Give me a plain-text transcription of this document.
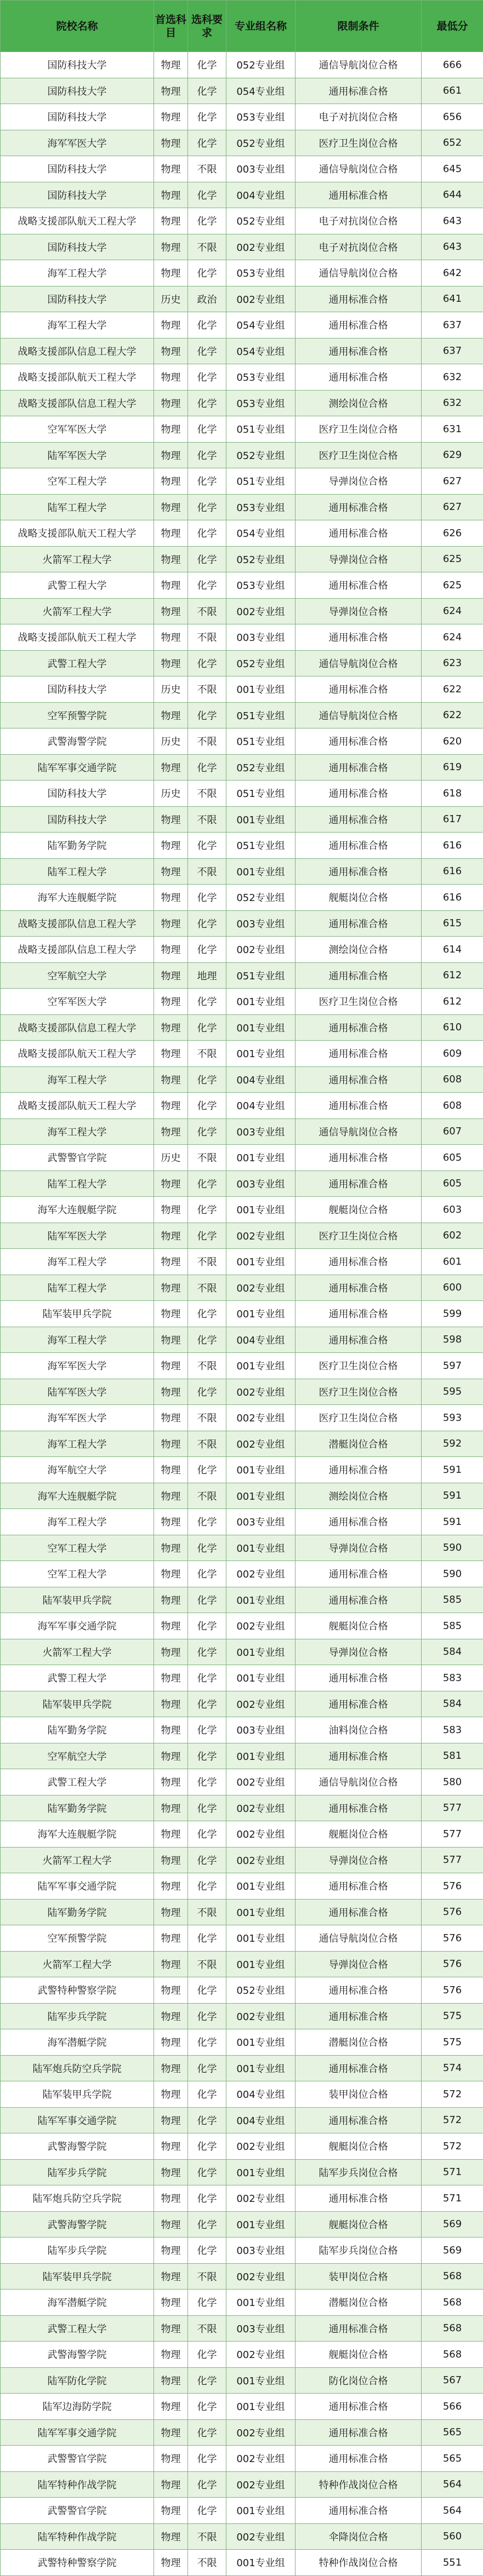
院校名称	首选科目	选科要求	专业组名称	限制条件	最低分
国防科技大学	物理	化学	052专业组	通信导航岗位合格	666
国防科技大学	物理	化学	054专业组	通用标准合格	661
国防科技大学	物理	化学	053专业组	电子对抗岗位合格	656
海军军医大学	物理	化学	052专业组	医疗卫生岗位合格	652
国防科技大学	物理	不限	003专业组	通信导航岗位合格	645
国防科技大学	物理	化学	004专业组	通用标准合格	644
战略支援部队航天工程大学	物理	化学	052专业组	电子对抗岗位合格	643
国防科技大学	物理	不限	002专业组	电子对抗岗位合格	643
海军工程大学	物理	化学	053专业组	通信导航岗位合格	642
国防科技大学	历史	政治	002专业组	通用标准合格	641
海军工程大学	物理	化学	054专业组	通用标准合格	637
战略支援部队信息工程大学	物理	化学	054专业组	通用标准合格	637
战略支援部队航天工程大学	物理	化学	053专业组	通用标准合格	632
战略支援部队信息工程大学	物理	化学	053专业组	测绘岗位合格	632
空军军医大学	物理	化学	051专业组	医疗卫生岗位合格	631
陆军军医大学	物理	化学	052专业组	医疗卫生岗位合格	629
空军工程大学	物理	化学	051专业组	导弹岗位合格	627
陆军工程大学	物理	化学	053专业组	通用标准合格	627
战略支援部队航天工程大学	物理	化学	054专业组	通用标准合格	626
火箭军工程大学	物理	化学	052专业组	导弹岗位合格	625
武警工程大学	物理	化学	053专业组	通用标准合格	625
火箭军工程大学	物理	不限	002专业组	导弹岗位合格	624
战略支援部队航天工程大学	物理	不限	003专业组	通用标准合格	624
武警工程大学	物理	化学	052专业组	通信导航岗位合格	623
国防科技大学	历史	不限	001专业组	通用标准合格	622
空军预警学院	物理	化学	051专业组	通信导航岗位合格	622
武警海警学院	历史	不限	051专业组	通用标准合格	620
陆军军事交通学院	物理	化学	052专业组	通用标准合格	619
国防科技大学	历史	不限	051专业组	通用标准合格	618
国防科技大学	物理	不限	001专业组	通用标准合格	617
陆军勤务学院	物理	化学	051专业组	通用标准合格	616
陆军工程大学	物理	不限	001专业组	通用标准合格	616
海军大连舰艇学院	物理	化学	052专业组	舰艇岗位合格	616
战略支援部队信息工程大学	物理	化学	003专业组	通用标准合格	615
战略支援部队信息工程大学	物理	化学	002专业组	测绘岗位合格	614
空军航空大学	物理	地理	051专业组	通用标准合格	612
空军军医大学	物理	化学	001专业组	医疗卫生岗位合格	612
战略支援部队信息工程大学	物理	化学	001专业组	通用标准合格	610
战略支援部队航天工程大学	物理	不限	001专业组	通用标准合格	609
海军工程大学	物理	化学	004专业组	通用标准合格	608
战略支援部队航天工程大学	物理	化学	004专业组	通用标准合格	608
海军工程大学	物理	化学	003专业组	通信导航岗位合格	607
武警警官学院	历史	不限	001专业组	通用标准合格	605
陆军工程大学	物理	化学	003专业组	通用标准合格	605
海军大连舰艇学院	物理	化学	001专业组	舰艇岗位合格	603
陆军军医大学	物理	化学	002专业组	医疗卫生岗位合格	602
海军工程大学	物理	不限	001专业组	通用标准合格	601
陆军工程大学	物理	不限	002专业组	通用标准合格	600
陆军装甲兵学院	物理	化学	001专业组	通用标准合格	599
海军工程大学	物理	化学	004专业组	通用标准合格	598
海军军医大学	物理	不限	001专业组	医疗卫生岗位合格	597
陆军军医大学	物理	化学	002专业组	医疗卫生岗位合格	595
海军军医大学	物理	不限	002专业组	医疗卫生岗位合格	593
海军工程大学	物理	不限	002专业组	潜艇岗位合格	592
海军航空大学	物理	化学	001专业组	通用标准合格	591
海军大连舰艇学院	物理	不限	001专业组	测绘岗位合格	591
海军工程大学	物理	化学	003专业组	通用标准合格	591
空军工程大学	物理	化学	001专业组	导弹岗位合格	590
空军工程大学	物理	化学	002专业组	通用标准合格	590
陆军装甲兵学院	物理	化学	001专业组	通用标准合格	585
海军军事交通学院	物理	化学	002专业组	舰艇岗位合格	585
火箭军工程大学	物理	化学	001专业组	导弹岗位合格	584
武警工程大学	物理	化学	001专业组	通用标准合格	583
陆军装甲兵学院	物理	化学	002专业组	通用标准合格	584
陆军勤务学院	物理	化学	003专业组	油料岗位合格	583
空军航空大学	物理	化学	001专业组	通用标准合格	581
武警工程大学	物理	化学	002专业组	通信导航岗位合格	580
陆军勤务学院	物理	化学	002专业组	通用标准合格	577
海军大连舰艇学院	物理	化学	002专业组	舰艇岗位合格	577
火箭军工程大学	物理	化学	002专业组	导弹岗位合格	577
陆军军事交通学院	物理	化学	001专业组	通用标准合格	576
陆军勤务学院	物理	不限	001专业组	通用标准合格	576
空军预警学院	物理	化学	001专业组	通信导航岗位合格	576
火箭军工程大学	物理	不限	001专业组	导弹岗位合格	576
武警特种警察学院	物理	化学	052专业组	通用标准合格	576
陆军步兵学院	物理	化学	002专业组	通用标准合格	575
海军潜艇学院	物理	化学	001专业组	潜艇岗位合格	575
陆军炮兵防空兵学院	物理	化学	001专业组	通用标准合格	574
陆军装甲兵学院	物理	化学	004专业组	装甲岗位合格	572
陆军军事交通学院	物理	化学	004专业组	通用标准合格	572
武警海警学院	物理	化学	002专业组	舰艇岗位合格	572
陆军步兵学院	物理	化学	001专业组	陆军步兵岗位合格	571
陆军炮兵防空兵学院	物理	化学	002专业组	通用标准合格	571
武警海警学院	物理	化学	001专业组	舰艇岗位合格	569
陆军步兵学院	物理	化学	003专业组	陆军步兵岗位合格	569
陆军装甲兵学院	物理	不限	002专业组	装甲岗位合格	568
海军潜艇学院	物理	化学	001专业组	潜艇岗位合格	568
武警工程大学	物理	不限	003专业组	通用标准合格	568
武警海警学院	物理	化学	002专业组	舰艇岗位合格	568
陆军防化学院	物理	化学	001专业组	防化岗位合格	567
陆军边海防学院	物理	化学	001专业组	通用标准合格	566
陆军军事交通学院	物理	化学	002专业组	通用标准合格	565
武警警官学院	物理	化学	002专业组	通用标准合格	565
陆军特种作战学院	物理	化学	002专业组	特种作战岗位合格	564
武警警官学院	物理	化学	001专业组	通用标准合格	564
陆军特种作战学院	物理	不限	002专业组	伞降岗位合格	560
武警特种警察学院	物理	不限	001专业组	特种作战岗位合格	551
